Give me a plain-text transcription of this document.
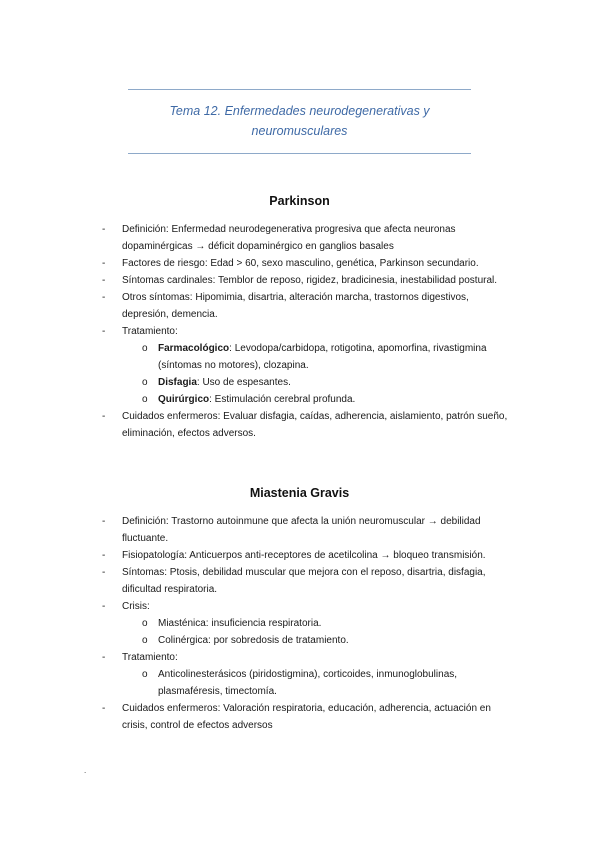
Tema 12. Enfermedades neurodegenerativas y neuromusculares
Parkinson
- Definición: Enfermedad neurodegenerativa progresiva que afecta neuronas dopaminérgicas → déficit dopaminérgico en ganglios basales
- Factores de riesgo: Edad > 60, sexo masculino, genética, Parkinson secundario.
- Síntomas cardinales: Temblor de reposo, rigidez, bradicinesia, inestabilidad postural.
- Otros síntomas: Hipomimia, disartria, alteración marcha, trastornos digestivos, depresión, demencia.
- Tratamiento:
o Farmacológico: Levodopa/carbidopa, rotigotina, apomorfina, rivastigmina (síntomas no motores), clozapina.
o Disfagia: Uso de espesantes.
o Quirúrgico: Estimulación cerebral profunda.
- Cuidados enfermeros: Evaluar disfagia, caídas, adherencia, aislamiento, patrón sueño, eliminación, efectos adversos.
Miastenia Gravis
- Definición: Trastorno autoinmune que afecta la unión neuromuscular → debilidad fluctuante.
- Fisiopatología: Anticuerpos anti-receptores de acetilcolina → bloqueo transmisión.
- Síntomas: Ptosis, debilidad muscular que mejora con el reposo, disartria, disfagia, dificultad respiratoria.
- Crisis:
o Miasténica: insuficiencia respiratoria.
o Colinérgica: por sobredosis de tratamiento.
- Tratamiento:
o Anticolinesterásicos (piridostigmina), corticoides, inmunoglobulinas, plasmaféresis, timectomía.
- Cuidados enfermeros: Valoración respiratoria, educación, adherencia, actuación en crisis, control de efectos adversos
.
